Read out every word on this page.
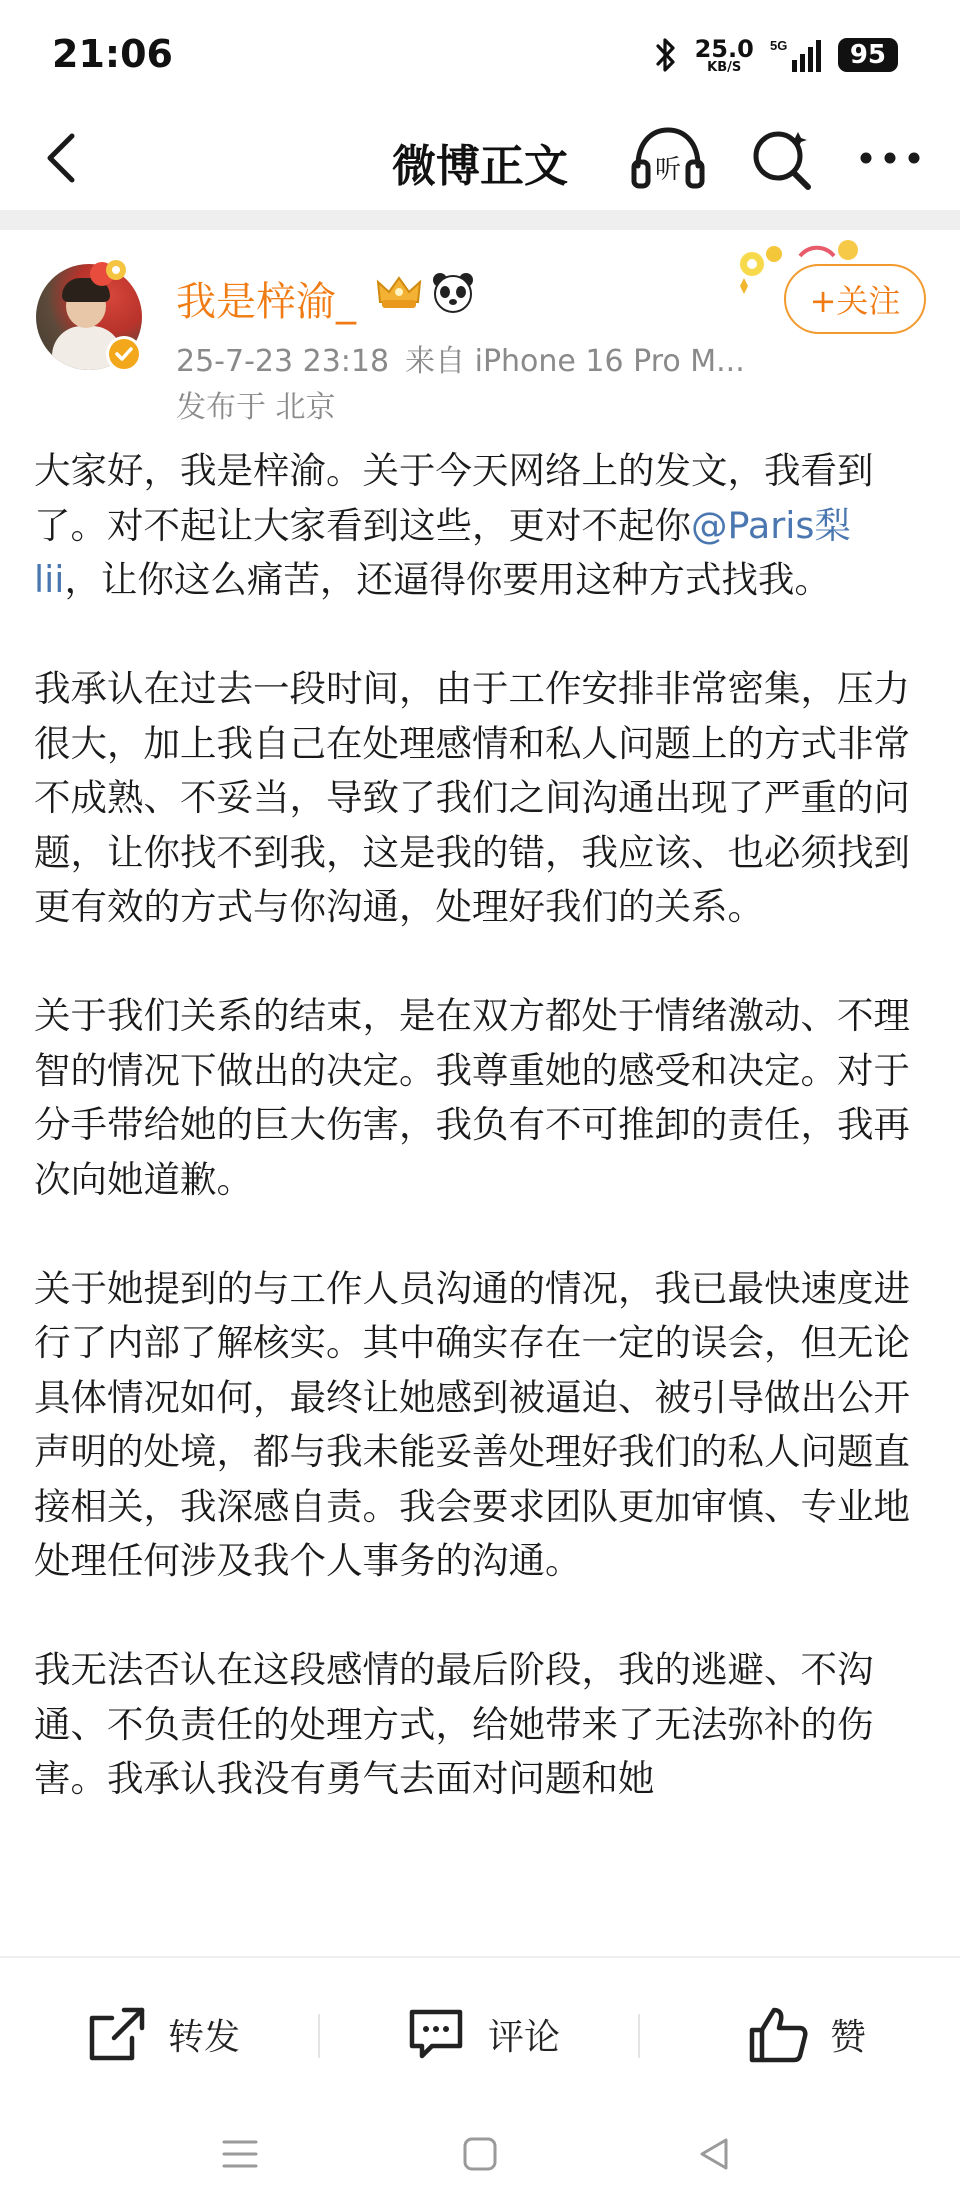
21:06	25.0
KB/S
5G	95
微博正文	听
我是梓渝_
25-7-23 23:18 来自 iPhone 16 Pro M...
发布于 北京
+关注

大家好，我是梓渝。关于今天网络上的发文，我看到了。对不起让大家看到这些，更对不起你@Paris梨lii，让你这么痛苦，还逼得你要用这种方式找我。

我承认在过去一段时间，由于工作安排非常密集，压力很大，加上我自己在处理感情和私人问题上的方式非常不成熟、不妥当，导致了我们之间沟通出现了严重的问题，让你找不到我，这是我的错，我应该、也必须找到更有效的方式与你沟通，处理好我们的关系。

关于我们关系的结束，是在双方都处于情绪激动、不理智的情况下做出的决定。我尊重她的感受和决定。对于分手带给她的巨大伤害，我负有不可推卸的责任，我再次向她道歉。

关于她提到的与工作人员沟通的情况，我已最快速度进行了内部了解核实。其中确实存在一定的误会，但无论具体情况如何，最终让她感到被逼迫、被引导做出公开声明的处境，都与我未能妥善处理好我们的私人问题直接相关，我深感自责。我会要求团队更加审慎、专业地处理任何涉及我个人事务的沟通。

我无法否认在这段感情的最后阶段，我的逃避、不沟通、不负责任的处理方式，给她带来了无法弥补的伤害。我承认我没有勇气去面对问题和她

转发	评论	赞
